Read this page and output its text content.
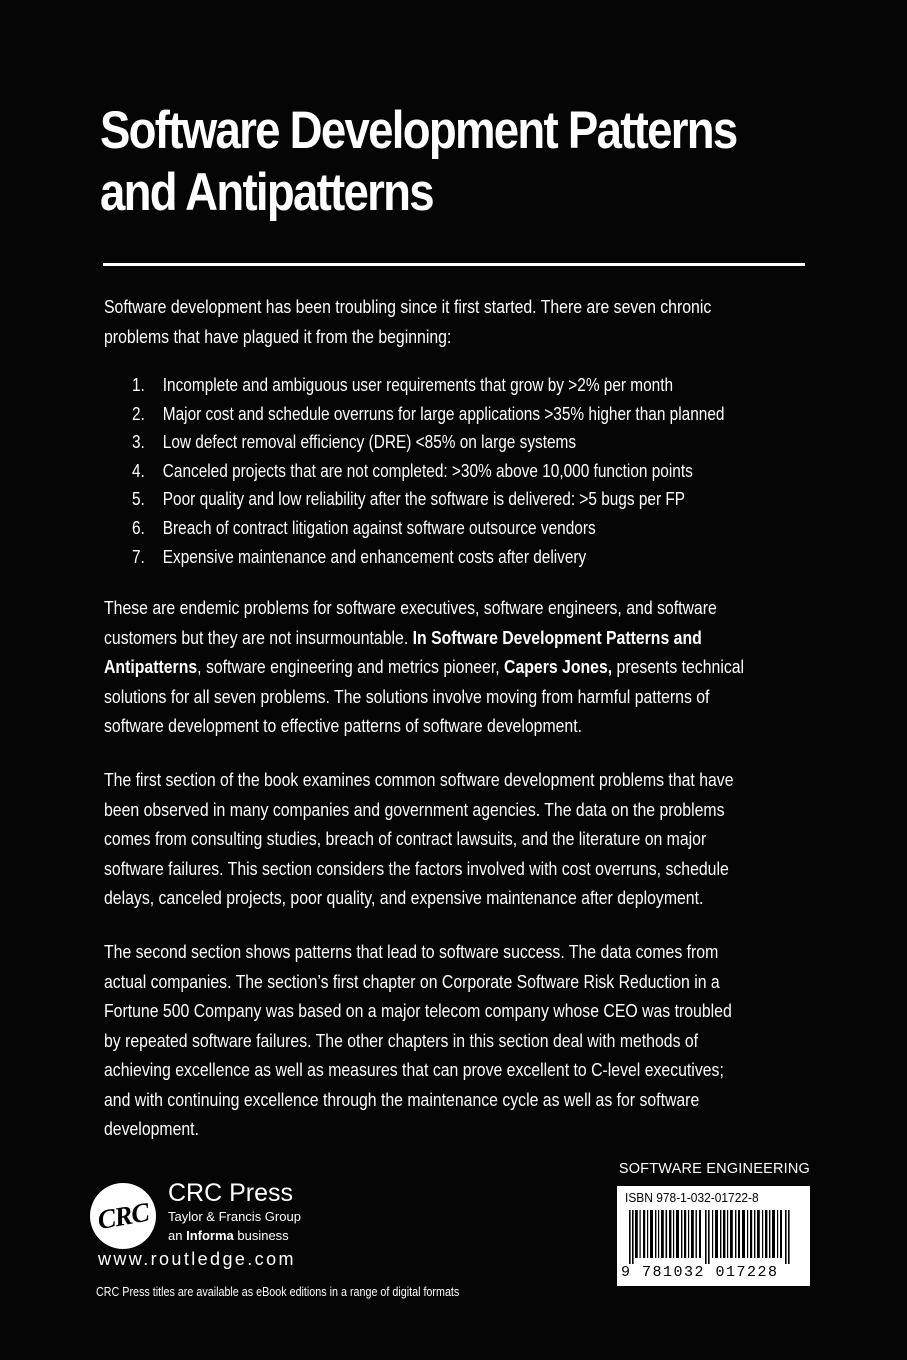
Software Development Patterns
and Antipatterns

Software development has been troubling since it first started. There are seven chronic
problems that have plagued it from the beginning:

1. Incomplete and ambiguous user requirements that grow by >2% per month
2. Major cost and schedule overruns for large applications >35% higher than planned
3. Low defect removal efficiency (DRE) <85% on large systems
4. Canceled projects that are not completed: >30% above 10,000 function points
5. Poor quality and low reliability after the software is delivered: >5 bugs per FP
6. Breach of contract litigation against software outsource vendors
7. Expensive maintenance and enhancement costs after delivery

These are endemic problems for software executives, software engineers, and software
customers but they are not insurmountable. In Software Development Patterns and
Antipatterns, software engineering and metrics pioneer, Capers Jones, presents technical
solutions for all seven problems. The solutions involve moving from harmful patterns of
software development to effective patterns of software development.

The first section of the book examines common software development problems that have
been observed in many companies and government agencies. The data on the problems
comes from consulting studies, breach of contract lawsuits, and the literature on major
software failures. This section considers the factors involved with cost overruns, schedule
delays, canceled projects, poor quality, and expensive maintenance after deployment.

The second section shows patterns that lead to software success. The data comes from
actual companies. The section’s first chapter on Corporate Software Risk Reduction in a
Fortune 500 Company was based on a major telecom company whose CEO was troubled
by repeated software failures. The other chapters in this section deal with methods of
achieving excellence as well as measures that can prove excellent to C-level executives;
and with continuing excellence through the maintenance cycle as well as for software
development.

SOFTWARE ENGINEERING
ISBN 978-1-032-01722-8
9 781032 017228
CRC
CRC Press
Taylor & Francis Group
an Informa business
www.routledge.com
CRC Press titles are available as eBook editions in a range of digital formats
